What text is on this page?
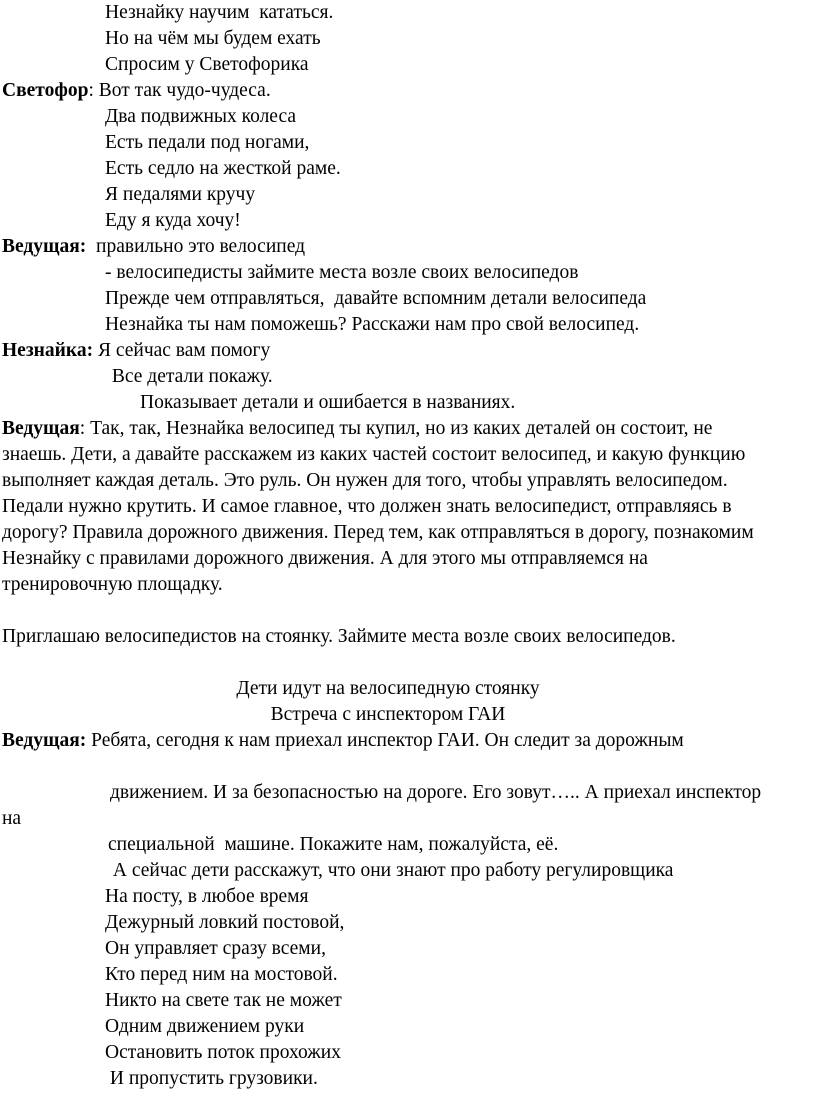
Незнайку научим  кататься.
Но на чём мы будем ехать
Спросим у Светофорика
Светофор: Вот так чудо-чудеса.
Два подвижных колеса
Есть педали под ногами,
Есть седло на жесткой раме.
Я педалями кручу
Еду я куда хочу!
Ведущая:  правильно это велосипед
- велосипедисты займите места возле своих велосипедов
Прежде чем отправляться,  давайте вспомним детали велосипеда
Незнайка ты нам поможешь? Расскажи нам про свой велосипед.
Незнайка: Я сейчас вам помогу
Все детали покажу.
Показывает детали и ошибается в названиях.
Ведущая: Так, так, Незнайка велосипед ты купил, но из каких деталей он состоит, не знаешь. Дети, а давайте расскажем из каких частей состоит велосипед, и какую функцию выполняет каждая деталь. Это руль. Он нужен для того, чтобы управлять велосипедом. Педали нужно крутить. И самое главное, что должен знать велосипедист, отправляясь в дорогу? Правила дорожного движения. Перед тем, как отправляться в дорогу, познакомим Незнайку с правилами дорожного движения. А для этого мы отправляемся на тренировочную площадку.
Приглашаю велосипедистов на стоянку. Займите места возле своих велосипедов.
Дети идут на велосипедную стоянку
Встреча с инспектором ГАИ
Ведущая: Ребята, сегодня к нам приехал инспектор ГАИ. Он следит за дорожным
движением. И за безопасностью на дороге. Его зовут….. А приехал инспектор на
специальной  машине. Покажите нам, пожалуйста, её.
А сейчас дети расскажут, что они знают про работу регулировщика
На посту, в любое время
Дежурный ловкий постовой,
Он управляет сразу всеми,
Кто перед ним на мостовой.
Никто на свете так не может
Одним движением руки
Остановить поток прохожих
И пропустить грузовики.
